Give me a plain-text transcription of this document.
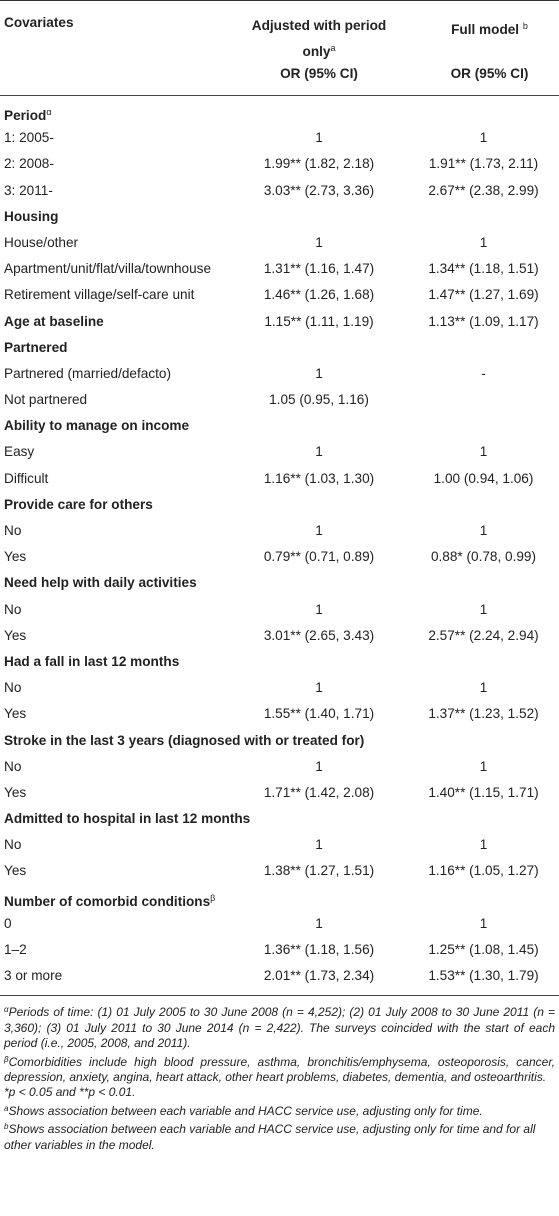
Covariates	Adjusted with period
only$^a$
OR (95% CI)
Full model $^b$
OR (95% CI)
Period$^\alpha$
1: 2005-	1	1
2: 2008-	1.99** (1.82, 2.18)	1.91** (1.73, 2.11)
3: 2011-	3.03** (2.73, 3.36)	2.67** (2.38, 2.99)
Housing
House/other	1	1
Apartment/unit/flat/villa/townhouse	1.31** (1.16, 1.47)	1.34** (1.18, 1.51)
Retirement village/self-care unit	1.46** (1.26, 1.68)	1.47** (1.27, 1.69)
Age at baseline	1.15** (1.11, 1.19)	1.13** (1.09, 1.17)
Partnered
Partnered (married/defacto)	1	-
Not partnered	1.05 (0.95, 1.16)
Ability to manage on income
Easy	1	1
Difficult	1.16** (1.03, 1.30)	1.00 (0.94, 1.06)
Provide care for others
No	1	1
Yes	0.79** (0.71, 0.89)	0.88* (0.78, 0.99)
Need help with daily activities
No	1	1
Yes	3.01** (2.65, 3.43)	2.57** (2.24, 2.94)
Had a fall in last 12 months
No	1	1
Yes	1.55** (1.40, 1.71)	1.37** (1.23, 1.52)
Stroke in the last 3 years (diagnosed with or treated for)
No	1	1
Yes	1.71** (1.42, 2.08)	1.40** (1.15, 1.71)
Admitted to hospital in last 12 months
No	1	1
Yes	1.38** (1.27, 1.51)	1.16** (1.05, 1.27)
Number of comorbid conditions$^\beta$
0	1	1
1–2	1.36** (1.18, 1.56)	1.25** (1.08, 1.45)
3 or more	2.01** (1.73, 2.34)	1.53** (1.30, 1.79)

$^\alpha$Periods of time: (1) 01 July 2005 to 30 June 2008 (n = 4,252); (2) 01 July 2008 to 30 June 2011 (n = 3,360); (3) 01 July 2011 to 30 June 2014 (n = 2,422). The surveys coincided with the start of each period (i.e., 2005, 2008, and 2011).

$^\beta$Comorbidities include high blood pressure, asthma, bronchitis/emphysema, osteoporosis, cancer, depression, anxiety, angina, heart attack, other heart problems, diabetes, dementia, and osteoarthritis.

*p < 0.05 and **p < 0.01.

$^a$Shows association between each variable and HACC service use, adjusting only for time.

$^b$Shows association between each variable and HACC service use, adjusting only for time and for all other variables in the model.
